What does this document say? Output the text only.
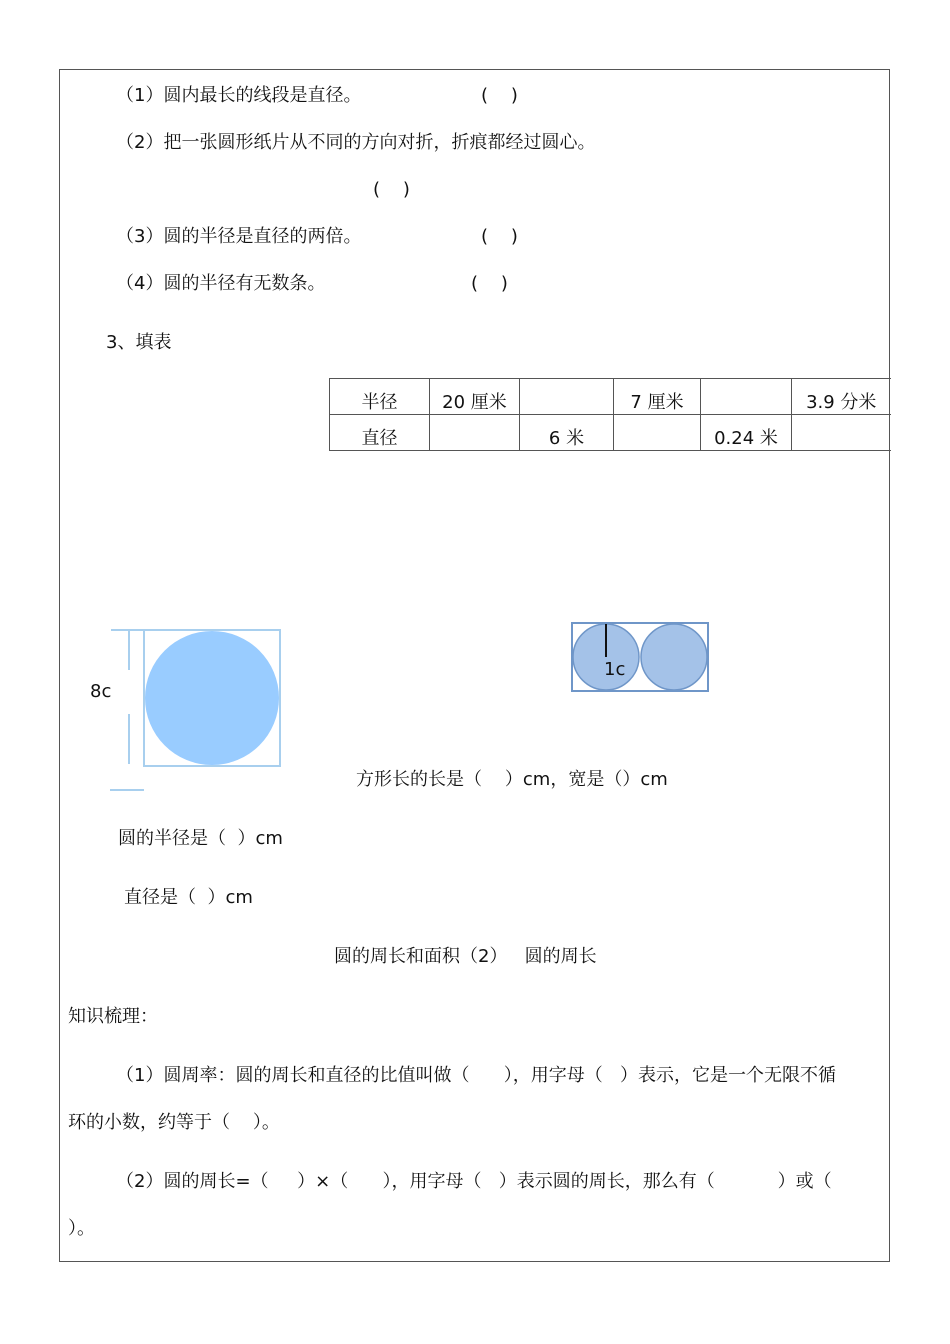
（1）圆内最长的线段是直径。	(    )
（2）把一张圆形纸片从不同的方向对折，折痕都经过圆心。
(    )
（3）圆的半径是直径的两倍。	(    )
（4）圆的半径有无数条。	(    )
3、填表
半径	20 厘米		7 厘米		3.9 分米
直径		6 米		0.24 米	
8c
1c
方形长的长是（    ）cm，宽是（）cm
圆的半径是（  ）cm
直径是（  ）cm
圆的周长和面积（2）   圆的周长
知识梳理：
（1）圆周率：圆的周长和直径的比值叫做（      ），用字母（   ）表示，它是一个无限不循
环的小数，约等于（    ）。
（2）圆的周长=（     ）×（      ），用字母（   ）表示圆的周长，那么有（           ）或（
）。
